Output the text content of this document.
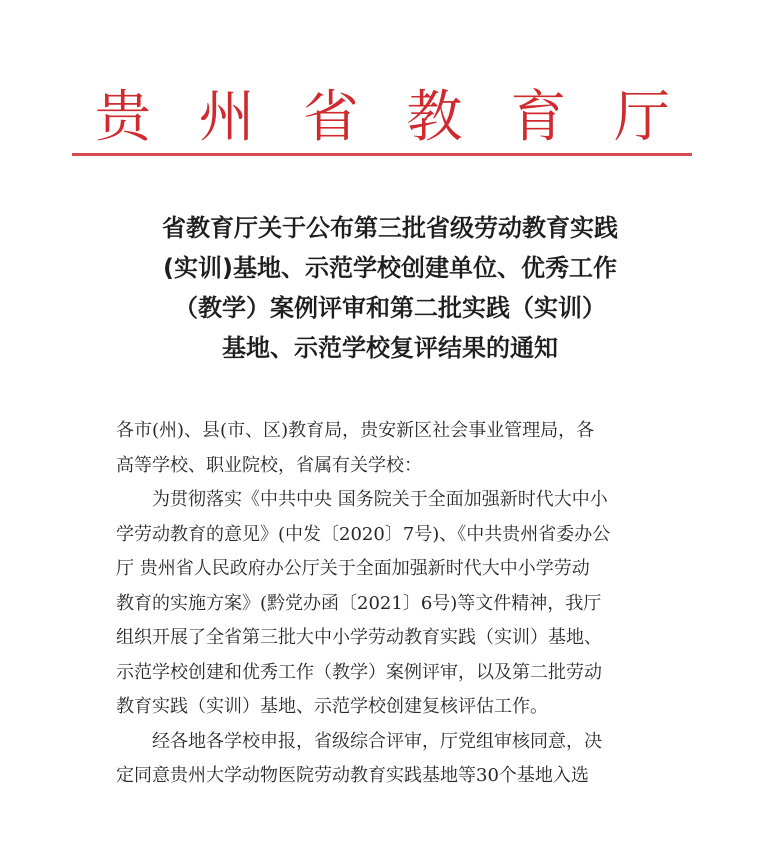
贵 州 省 教 育 厅
省教育厅关于公布第三批省级劳动教育实践
(实训)基地、示范学校创建单位、优秀工作
（教学）案例评审和第二批实践（实训）
基地、示范学校复评结果的通知
各市(州)、县(市、区)教育局，贵安新区社会事业管理局，各
高等学校、职业院校，省属有关学校：
为贯彻落实《中共中央 国务院关于全面加强新时代大中小
学劳动教育的意见》(中发〔2020〕7号)、《中共贵州省委办公
厅 贵州省人民政府办公厅关于全面加强新时代大中小学劳动
教育的实施方案》(黔党办函〔2021〕6号)等文件精神，我厅
组织开展了全省第三批大中小学劳动教育实践（实训）基地、
示范学校创建和优秀工作（教学）案例评审，以及第二批劳动
教育实践（实训）基地、示范学校创建复核评估工作。
经各地各学校申报，省级综合评审，厅党组审核同意，决
定同意贵州大学动物医院劳动教育实践基地等30个基地入选
